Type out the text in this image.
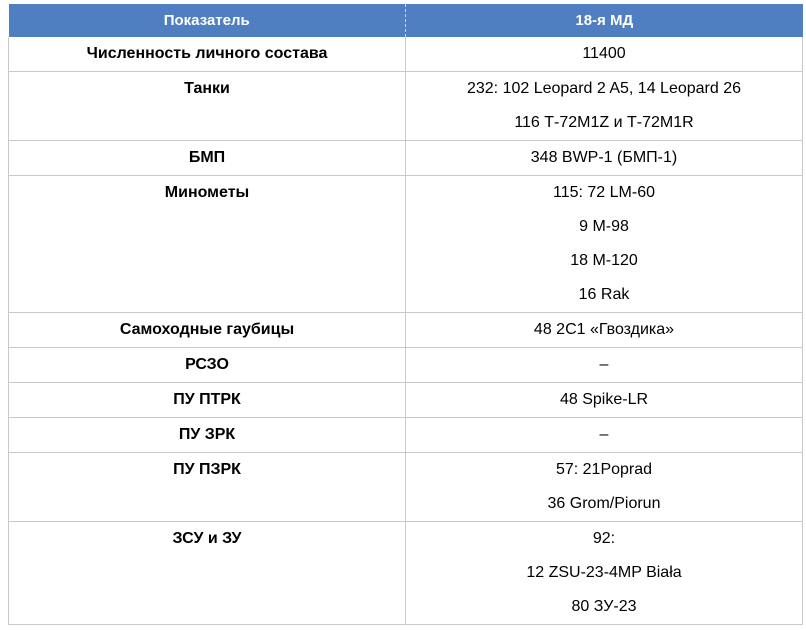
Показатель	18-я МД

Численность личного состава	11400

Танки	232: 102 Leopard 2 A5, 14 Leopard 26
116 Т-72М1Z и Т-72М1R

БМП	348 BWP-1 (БМП-1)

Минометы	115: 72 LM-60
9 M-98
18 M-120
16 Rak

Самоходные гаубицы	48 2С1 «Гвоздика»

РСЗО	–

ПУ ПТРК	48 Spike-LR

ПУ ЗРК	–

ПУ ПЗРК	57: 21Poprad
36 Grom/Piorun

ЗСУ и ЗУ	92:
12 ZSU-23-4MP Biała
80 ЗУ-23
